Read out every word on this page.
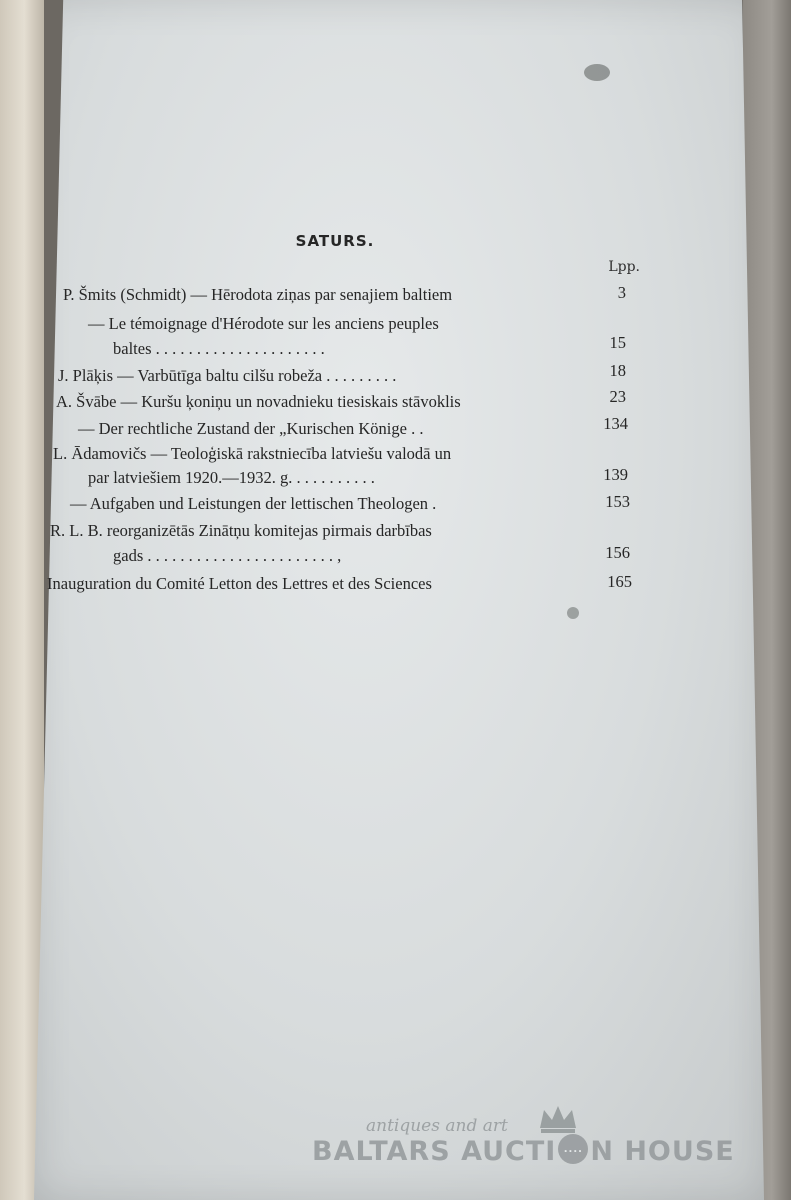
SATURS.
Lpp.
P. Šmits (Schmidt) — Hērodota ziņas par senajiem baltiem	3
— Le témoignage d'Hérodote sur les anciens peuples
baltes . . . . . . . . . . . . . . . . . . . . .	15
J. Plāķis — Varbūtīga baltu cilšu robeža . . . . . . . . .	18
A. Švābe — Kuršu ķoniņu un novadnieku tiesiskais stāvoklis	23
— Der rechtliche Zustand der „Kurischen Könige . .	134
L. Ādamovičs — Teoloģiskā rakstniecība latviešu valodā un
par latviešiem 1920.—1932. g. . . . . . . . . . .	139
— Aufgaben und Leistungen der lettischen Theologen .	153
R. L. B. reorganizētās Zinātņu komitejas pirmais darbības
gads . . . . . . . . . . . . . . . . . . . . . . . ,	156
Inauguration du Comité Letton des Lettres et des Sciences	165
antiques and art
BALTARS AUCTI .... N HOUSE
